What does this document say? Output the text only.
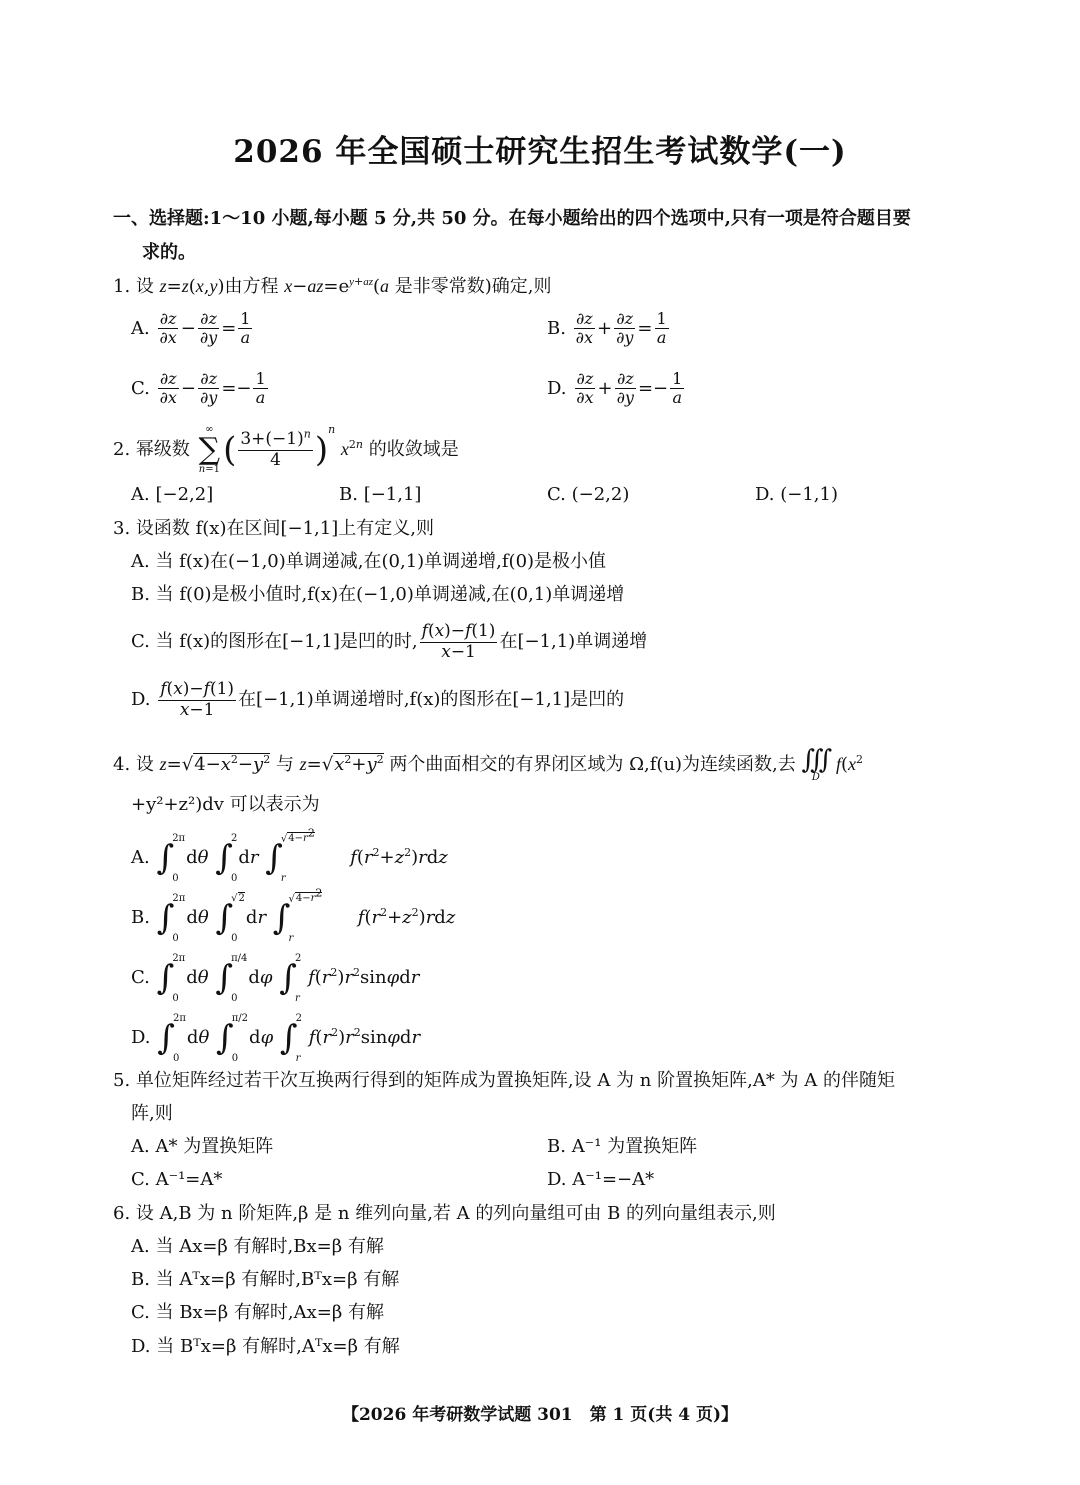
2026 年全国硕士研究生招生考试数学(一)
一、选择题:1～10 小题,每小题 5 分,共 50 分。在每小题给出的四个选项中,只有一项是符合题目要
求的。
1. 设 z=z(x,y)由方程 $x-az=e^{y+az}(a$ 是非零常数)确定,则
A. $\frac{\partial z}{\partial x} - \frac{\partial z}{\partial y} = \frac{1}{a}$	B. $\frac{\partial z}{\partial x} + \frac{\partial z}{\partial y} = \frac{1}{a}$
C. $\frac{\partial z}{\partial x} - \frac{\partial z}{\partial y} =- \frac{1}{a}$	D. $\frac{\partial z}{\partial x} + \frac{\partial z}{\partial y} =- \frac{1}{a}$
2. 幂级数
∞
∑
n=1 ( $\frac{3+(-1)^n}{4} )^n$ $x^{2n}$ 的收敛域是
A. [−2,2]	B. [−1,1]	C. (−2,2)	D. (−1,1)
3. 设函数 f(x)在区间[−1,1]上有定义,则
A. 当 f(x)在(−1,0)单调递减,在(0,1)单调递增,f(0)是极小值
B. 当 f(0)是极小值时,f(x)在(−1,0)单调递减,在(0,1)单调递增
C. 当 f(x)的图形在[−1,1]是凹的时, $\frac{f(x)-f(1)}{x-1}$ 在[−1,1)单调递增
D. $\frac{f(x)-f(1)}{x-1}$ 在[−1,1)单调递增时,f(x)的图形在[−1,1]是凹的
4. 设 $z=√4-x^2-y^2$ 与 $z=√x^2+y^2$ 两个曲面相交的有界闭区域为 Ω,f(u)为连续函数,去 ∭
D
$f(x^2$
+y²+z²)dv 可以表示为
A. ∫
2π
0
dθ ∫
2
0
dr ∫
$√4-r^2$
r
$f(r^2+z^2)rdz$
B. ∫
2π
0
dθ ∫
√2
0
dr ∫
$√4-r^2$
r
$f(r^2+z^2)rdz$
C. ∫
2π
0
dθ ∫
π/4
0
dφ ∫
2
r
$f(r^2)r^2\sin\varphi dr$
D. ∫
2π
0
dθ ∫
π/2
0
dφ ∫
2
r
$f(r^2)r^2\sin\varphi dr$
5. 单位矩阵经过若干次互换两行得到的矩阵成为置换矩阵,设 A 为 n 阶置换矩阵,A* 为 A 的伴随矩
阵,则
A. A* 为置换矩阵	B. A⁻¹ 为置换矩阵
C. A⁻¹=A*	D. A⁻¹=−A*
6. 设 A,B 为 n 阶矩阵,β 是 n 维列向量,若 A 的列向量组可由 B 的列向量组表示,则
A. 当 Ax=β 有解时,Bx=β 有解
B. 当 Aᵀx=β 有解时,Bᵀx=β 有解
C. 当 Bx=β 有解时,Ax=β 有解
D. 当 Bᵀx=β 有解时,Aᵀx=β 有解
【2026 年考研数学试题 301　第 1 页(共 4 页)】
